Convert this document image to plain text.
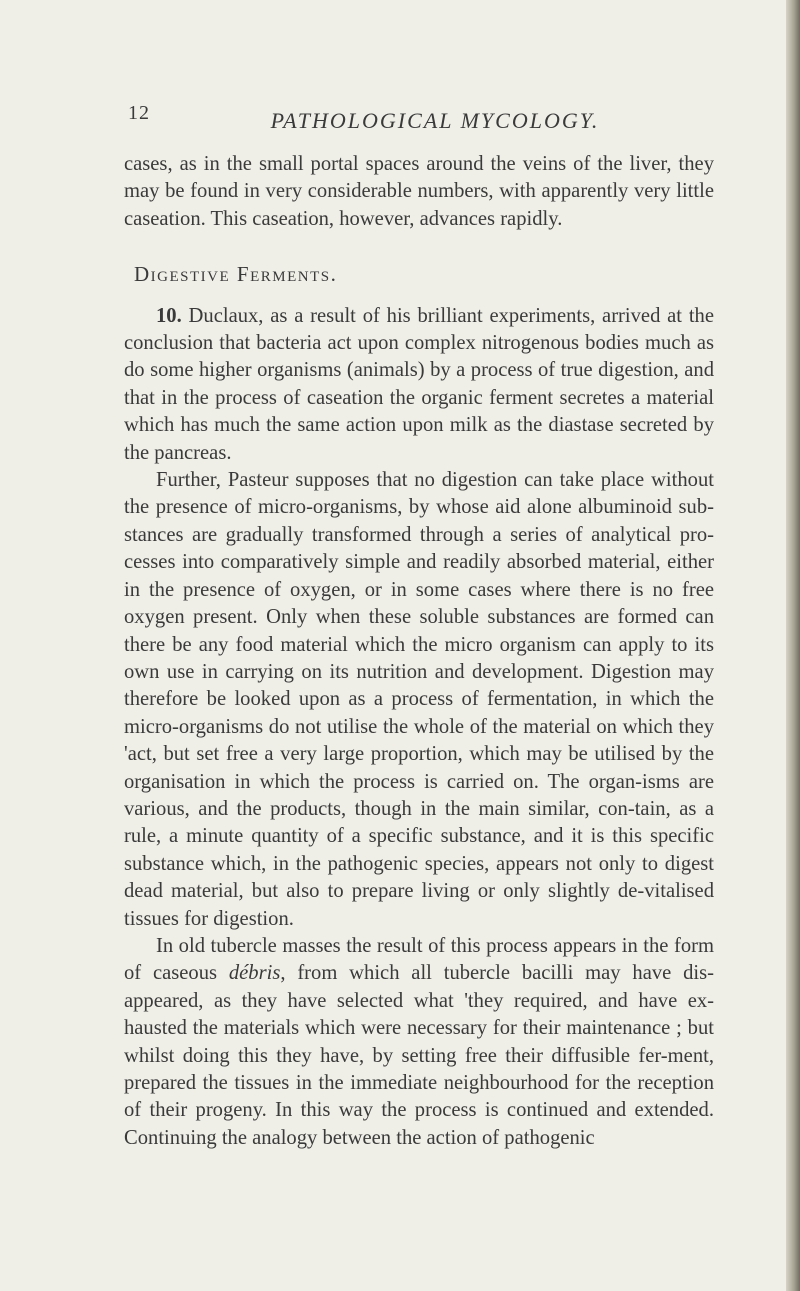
12	PATHOLOGICAL MYCOLOGY.

cases, as in the small portal spaces around the veins of the liver, they may be found in very considerable numbers, with apparently very little caseation. This caseation, however, advances rapidly.

Digestive Ferments.

10. Duclaux, as a result of his brilliant experiments, arrived at the conclusion that bacteria act upon complex nitrogenous bodies much as do some higher organisms (animals) by a process of true digestion, and that in the process of caseation the organic ferment secretes a material which has much the same action upon milk as the diastase secreted by the pancreas.

Further, Pasteur supposes that no digestion can take place without the presence of micro-organisms, by whose aid alone albuminoid sub-stances are gradually transformed through a series of analytical pro-cesses into comparatively simple and readily absorbed material, either in the presence of oxygen, or in some cases where there is no free oxygen present. Only when these soluble substances are formed can there be any food material which the micro organism can apply to its own use in carrying on its nutrition and development. Digestion may therefore be looked upon as a process of fermentation, in which the micro-organisms do not utilise the whole of the material on which they 'act, but set free a very large proportion, which may be utilised by the organisation in which the process is carried on. The organ-isms are various, and the products, though in the main similar, con-tain, as a rule, a minute quantity of a specific substance, and it is this specific substance which, in the pathogenic species, appears not only to digest dead material, but also to prepare living or only slightly de-vitalised tissues for digestion.

In old tubercle masses the result of this process appears in the form of caseous débris, from which all tubercle bacilli may have dis-appeared, as they have selected what 'they required, and have ex-hausted the materials which were necessary for their maintenance ; but whilst doing this they have, by setting free their diffusible fer-ment, prepared the tissues in the immediate neighbourhood for the reception of their progeny. In this way the process is continued and extended. Continuing the analogy between the action of pathogenic
